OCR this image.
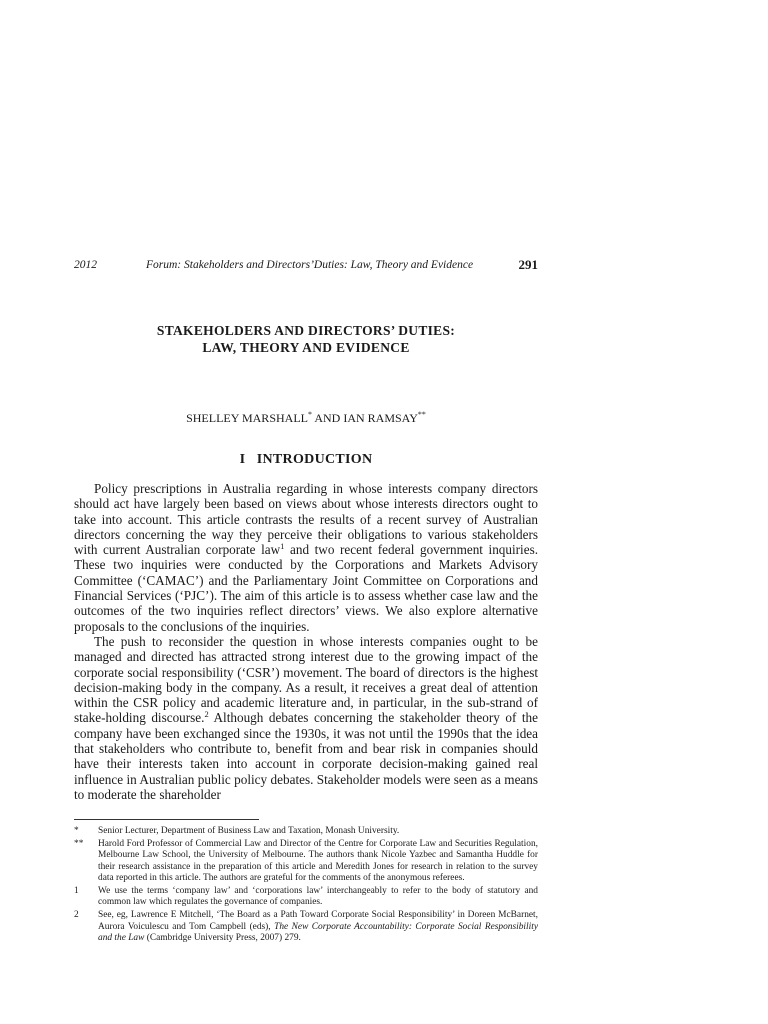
2012	Forum: Stakeholders and Directors’Duties: Law, Theory and Evidence	291
STAKEHOLDERS AND DIRECTORS’ DUTIES:
LAW, THEORY AND EVIDENCE
SHELLEY MARSHALL* AND IAN RAMSAY**
I   INTRODUCTION

Policy prescriptions in Australia regarding in whose interests company directors should act have largely been based on views about whose interests directors ought to take into account. This article contrasts the results of a recent survey of Australian directors concerning the way they perceive their obligations to various stakeholders with current Australian corporate law$^1$ and two recent federal government inquiries. These two inquiries were conducted by the Corporations and Markets Advisory Committee (‘CAMAC’) and the Parliamentary Joint Committee on Corporations and Financial Services (‘PJC’). The aim of this article is to assess whether case law and the outcomes of the two inquiries reflect directors’ views. We also explore alternative proposals to the conclusions of the inquiries.

The push to reconsider the question in whose interests companies ought to be managed and directed has attracted strong interest due to the growing impact of the corporate social responsibility (‘CSR’) movement. The board of directors is the highest decision-making body in the company. As a result, it receives a great deal of attention within the CSR policy and academic literature and, in particular, in the sub-strand of stake-holding discourse.$^2$ Although debates concerning the stakeholder theory of the company have been exchanged since the 1930s, it was not until the 1990s that the idea that stakeholders who contribute to, benefit from and bear risk in companies should have their interests taken into account in corporate decision-making gained real influence in Australian public policy debates. Stakeholder models were seen as a means to moderate the shareholder

*	Senior Lecturer, Department of Business Law and Taxation, Monash University.
**	Harold Ford Professor of Commercial Law and Director of the Centre for Corporate Law and Securities Regulation, Melbourne Law School, the University of Melbourne. The authors thank Nicole Yazbec and Samantha Huddle for their research assistance in the preparation of this article and Meredith Jones for research in relation to the survey data reported in this article. The authors are grateful for the comments of the anonymous referees.
1	We use the terms ‘company law’ and ‘corporations law’ interchangeably to refer to the body of statutory and common law which regulates the governance of companies.
2	See, eg, Lawrence E Mitchell, ‘The Board as a Path Toward Corporate Social Responsibility’ in Doreen McBarnet, Aurora Voiculescu and Tom Campbell (eds), The New Corporate Accountability: Corporate Social Responsibility and the Law (Cambridge University Press, 2007) 279.
